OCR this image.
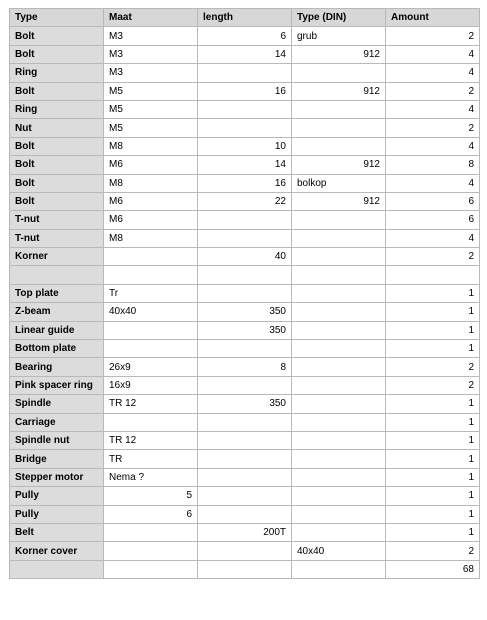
Type	Maat	length	Type (DIN)	Amount
Bolt	M3	6	grub	2
Bolt	M3	14	912	4
Ring	M3			4
Bolt	M5	16	912	2
Ring	M5			4
Nut	M5			2
Bolt	M8	10		4
Bolt	M6	14	912	8
Bolt	M8	16	bolkop	4
Bolt	M6	22	912	6
T-nut	M6			6
T-nut	M8			4
Korner		40		2

Top plate	Tr			1
Z-beam	40x40	350		1
Linear guide		350		1
Bottom plate				1
Bearing	26x9	8		2
Pink spacer ring	16x9			2
Spindle	TR 12	350		1
Carriage				1
Spindle nut	TR 12			1
Bridge	TR			1
Stepper motor	Nema ?			1
Pully	5			1
Pully	6			1
Belt		200T		1
Korner cover			40x40	2
				68
